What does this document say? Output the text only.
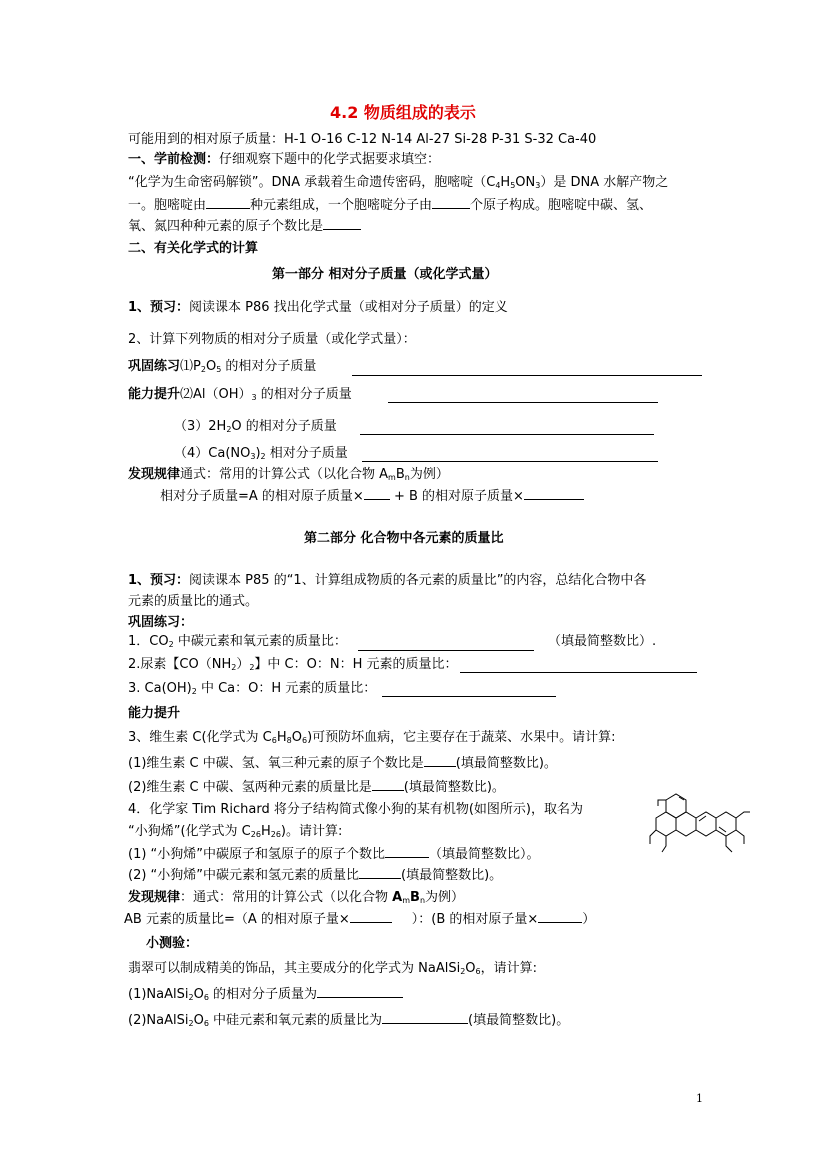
4.2 物质组成的表示
可能用到的相对原子质量：H-1 O-16 C-12 N-14 Al-27 Si-28 P-31 S-32 Ca-40
一、学前检测：仔细观察下题中的化学式据要求填空：
“化学为生命密码解锁”。DNA 承载着生命遗传密码，胞嘧啶$(C_4H_5ON_3)$是 DNA 水解产物之
一。胞嘧啶由	种元素组成，一个胞嘧啶分子由	个原子构成。胞嘧啶中碳、氢、
氧、氮四种种元素的原子个数比是
二、有关化学式的计算
第一部分 相对分子质量（或化学式量）
1、预习：阅读课本 P86 找出化学式量（或相对分子质量）的定义
2、计算下列物质的相对分子质量（或化学式量）：
巩固练习$⑴P_2O_5$ 的相对分子质量
能力提升$⑵Al(OH)_3$ 的相对分子质量
$(3)2H_2O$ 的相对分子质量
$(4)Ca(NO_3)_2$ 相对分子质量
发现规律通式：常用的计算公式（以化合物 $A_mB_n$为例）
相对分子质量=A 的相对原子质量× + B 的相对原子质量×
第二部分 化合物中各元素的质量比
1、预习：阅读课本 P85 的“1、计算组成物质的各元素的质量比”的内容，总结化合物中各
元素的质量比的通式。
巩固练习：
1．$CO_2$ 中碳元素和氧元素的质量比：	（填最简整数比）.
2.尿素【$CO(NH_2)_2$】中 C：O：N：H 元素的质量比：
3. $Ca(OH)_2$ 中 Ca：O：H 元素的质量比：
能力提升
3、维生素 C(化学式为 $C_6H_8O_6$)可预防坏血病，它主要存在于蔬菜、水果中。请计算:
(1)维生素 C 中碳、氢、氧三种元素的原子个数比是 (填最简整数比)。
(2)维生素 C 中碳、氢两种元素的质量比是 (填最简整数比)。
4．化学家 Tim Richard 将分子结构简式像小狗的某有机物(如图所示)，取名为
“小狗烯”(化学式为 $C_{26}H_{26}$)。请计算:
(1) “小狗烯”中碳原子和氢原子的原子个数比	（填最简整数比）。
(2) “小狗烯”中碳元素和氢元素的质量比	(填最简整数比)。
发现规律：通式：常用的计算公式（以化合物 $A_mB_n$为例）
AB 元素的质量比=（A 的相对原子量×	）：(B 的相对原子量×	）
小测验：
翡翠可以制成精美的饰品，其主要成分的化学式为 $NaAlSi_2O_6$，请计算:
$(1)NaAlSi_2O_6$ 的相对分子质量为
$(2)NaAlSi_2O_6$ 中硅元素和氧元素的质量比为	(填最简整数比)。
1
